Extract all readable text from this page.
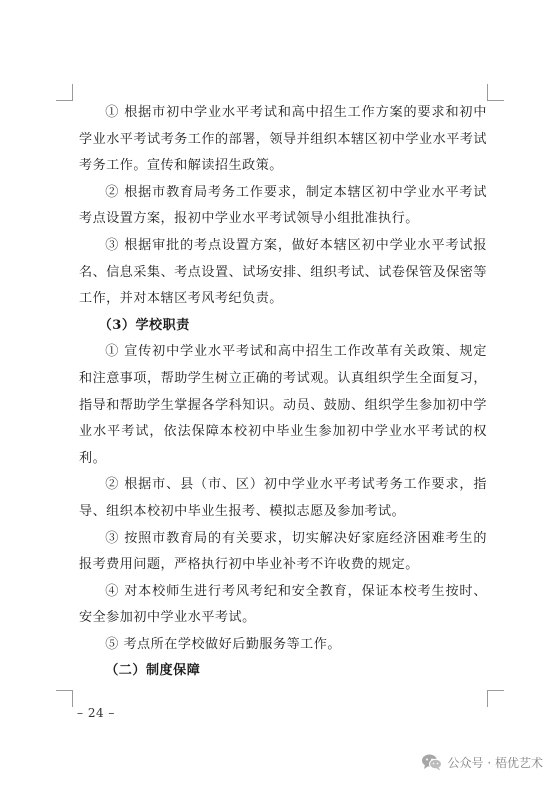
① 根据市初中学业水平考试和高中招生工作方案的要求和初中学业水平考试考务工作的部署，领导并组织本辖区初中学业水平考试考务工作。宣传和解读招生政策。

② 根据市教育局考务工作要求，制定本辖区初中学业水平考试考点设置方案，报初中学业水平考试领导小组批准执行。

③ 根据审批的考点设置方案，做好本辖区初中学业水平考试报名、信息采集、考点设置、试场安排、组织考试、试卷保管及保密等工作，并对本辖区考风考纪负责。

（3）学校职责

① 宣传初中学业水平考试和高中招生工作改革有关政策、规定和注意事项，帮助学生树立正确的考试观。认真组织学生全面复习，指导和帮助学生掌握各学科知识。动员、鼓励、组织学生参加初中学业水平考试，依法保障本校初中毕业生参加初中学业水平考试的权利。

② 根据市、县（市、区）初中学业水平考试考务工作要求，指导、组织本校初中毕业生报考、模拟志愿及参加考试。

③ 按照市教育局的有关要求，切实解决好家庭经济困难考生的报考费用问题，严格执行初中毕业补考不许收费的规定。

④ 对本校师生进行考风考纪和安全教育，保证本校考生按时、安全参加初中学业水平考试。

⑤ 考点所在学校做好后勤服务等工作。

（二）制度保障

– 24 –
公众号 · 梧优艺术
